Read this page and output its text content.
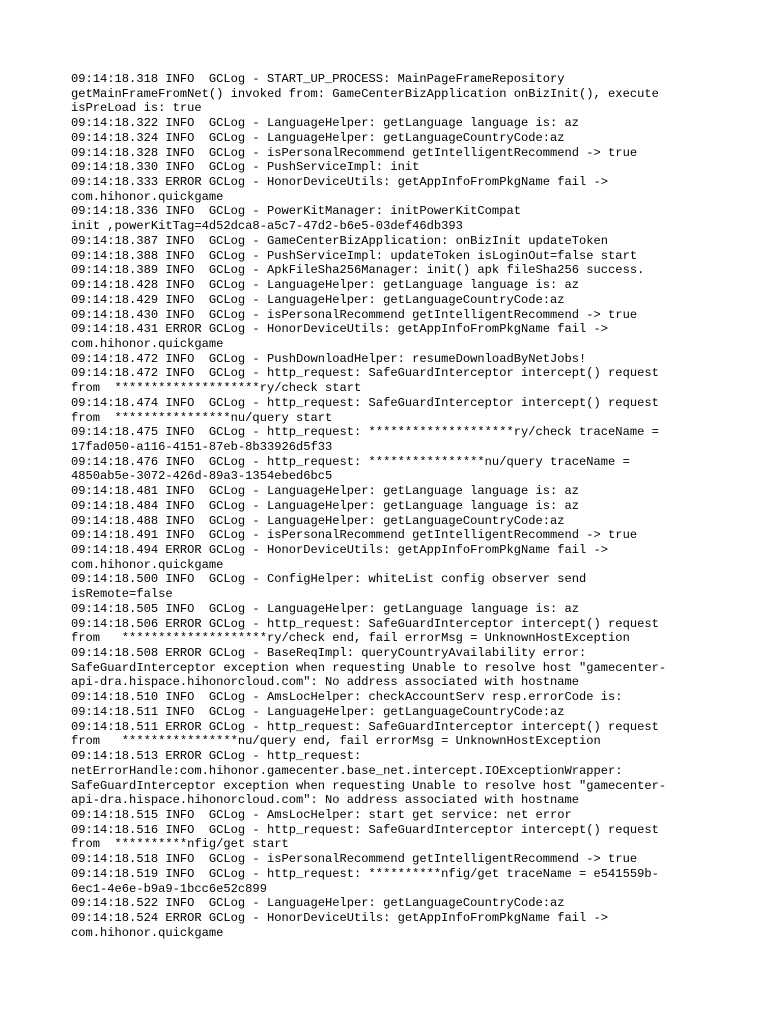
09:14:18.318 INFO  GCLog - START_UP_PROCESS: MainPageFrameRepository
getMainFrameFromNet() invoked from: GameCenterBizApplication onBizInit(), execute
isPreLoad is: true
09:14:18.322 INFO  GCLog - LanguageHelper: getLanguage language is: az
09:14:18.324 INFO  GCLog - LanguageHelper: getLanguageCountryCode:az
09:14:18.328 INFO  GCLog - isPersonalRecommend getIntelligentRecommend -> true
09:14:18.330 INFO  GCLog - PushServiceImpl: init
09:14:18.333 ERROR GCLog - HonorDeviceUtils: getAppInfoFromPkgName fail ->
com.hihonor.quickgame
09:14:18.336 INFO  GCLog - PowerKitManager: initPowerKitCompat
init ,powerKitTag=4d52dca8-a5c7-47d2-b6e5-03def46db393
09:14:18.387 INFO  GCLog - GameCenterBizApplication: onBizInit updateToken
09:14:18.388 INFO  GCLog - PushServiceImpl: updateToken isLoginOut=false start
09:14:18.389 INFO  GCLog - ApkFileSha256Manager: init() apk fileSha256 success.
09:14:18.428 INFO  GCLog - LanguageHelper: getLanguage language is: az
09:14:18.429 INFO  GCLog - LanguageHelper: getLanguageCountryCode:az
09:14:18.430 INFO  GCLog - isPersonalRecommend getIntelligentRecommend -> true
09:14:18.431 ERROR GCLog - HonorDeviceUtils: getAppInfoFromPkgName fail ->
com.hihonor.quickgame
09:14:18.472 INFO  GCLog - PushDownloadHelper: resumeDownloadByNetJobs!
09:14:18.472 INFO  GCLog - http_request: SafeGuardInterceptor intercept() request
from  ********************ry/check start
09:14:18.474 INFO  GCLog - http_request: SafeGuardInterceptor intercept() request
from  ****************nu/query start
09:14:18.475 INFO  GCLog - http_request: ********************ry/check traceName =
17fad050-a116-4151-87eb-8b33926d5f33
09:14:18.476 INFO  GCLog - http_request: ****************nu/query traceName =
4850ab5e-3072-426d-89a3-1354ebed6bc5
09:14:18.481 INFO  GCLog - LanguageHelper: getLanguage language is: az
09:14:18.484 INFO  GCLog - LanguageHelper: getLanguage language is: az
09:14:18.488 INFO  GCLog - LanguageHelper: getLanguageCountryCode:az
09:14:18.491 INFO  GCLog - isPersonalRecommend getIntelligentRecommend -> true
09:14:18.494 ERROR GCLog - HonorDeviceUtils: getAppInfoFromPkgName fail ->
com.hihonor.quickgame
09:14:18.500 INFO  GCLog - ConfigHelper: whiteList config observer send
isRemote=false
09:14:18.505 INFO  GCLog - LanguageHelper: getLanguage language is: az
09:14:18.506 ERROR GCLog - http_request: SafeGuardInterceptor intercept() request
from   ********************ry/check end, fail errorMsg = UnknownHostException
09:14:18.508 ERROR GCLog - BaseReqImpl: queryCountryAvailability error:
SafeGuardInterceptor exception when requesting Unable to resolve host "gamecenter-
api-dra.hispace.hihonorcloud.com": No address associated with hostname
09:14:18.510 INFO  GCLog - AmsLocHelper: checkAccountServ resp.errorCode is:
09:14:18.511 INFO  GCLog - LanguageHelper: getLanguageCountryCode:az
09:14:18.511 ERROR GCLog - http_request: SafeGuardInterceptor intercept() request
from   ****************nu/query end, fail errorMsg = UnknownHostException
09:14:18.513 ERROR GCLog - http_request:
netErrorHandle:com.hihonor.gamecenter.base_net.intercept.IOExceptionWrapper:
SafeGuardInterceptor exception when requesting Unable to resolve host "gamecenter-
api-dra.hispace.hihonorcloud.com": No address associated with hostname
09:14:18.515 INFO  GCLog - AmsLocHelper: start get service: net error
09:14:18.516 INFO  GCLog - http_request: SafeGuardInterceptor intercept() request
from  **********nfig/get start
09:14:18.518 INFO  GCLog - isPersonalRecommend getIntelligentRecommend -> true
09:14:18.519 INFO  GCLog - http_request: **********nfig/get traceName = e541559b-
6ec1-4e6e-b9a9-1bcc6e52c899
09:14:18.522 INFO  GCLog - LanguageHelper: getLanguageCountryCode:az
09:14:18.524 ERROR GCLog - HonorDeviceUtils: getAppInfoFromPkgName fail ->
com.hihonor.quickgame
